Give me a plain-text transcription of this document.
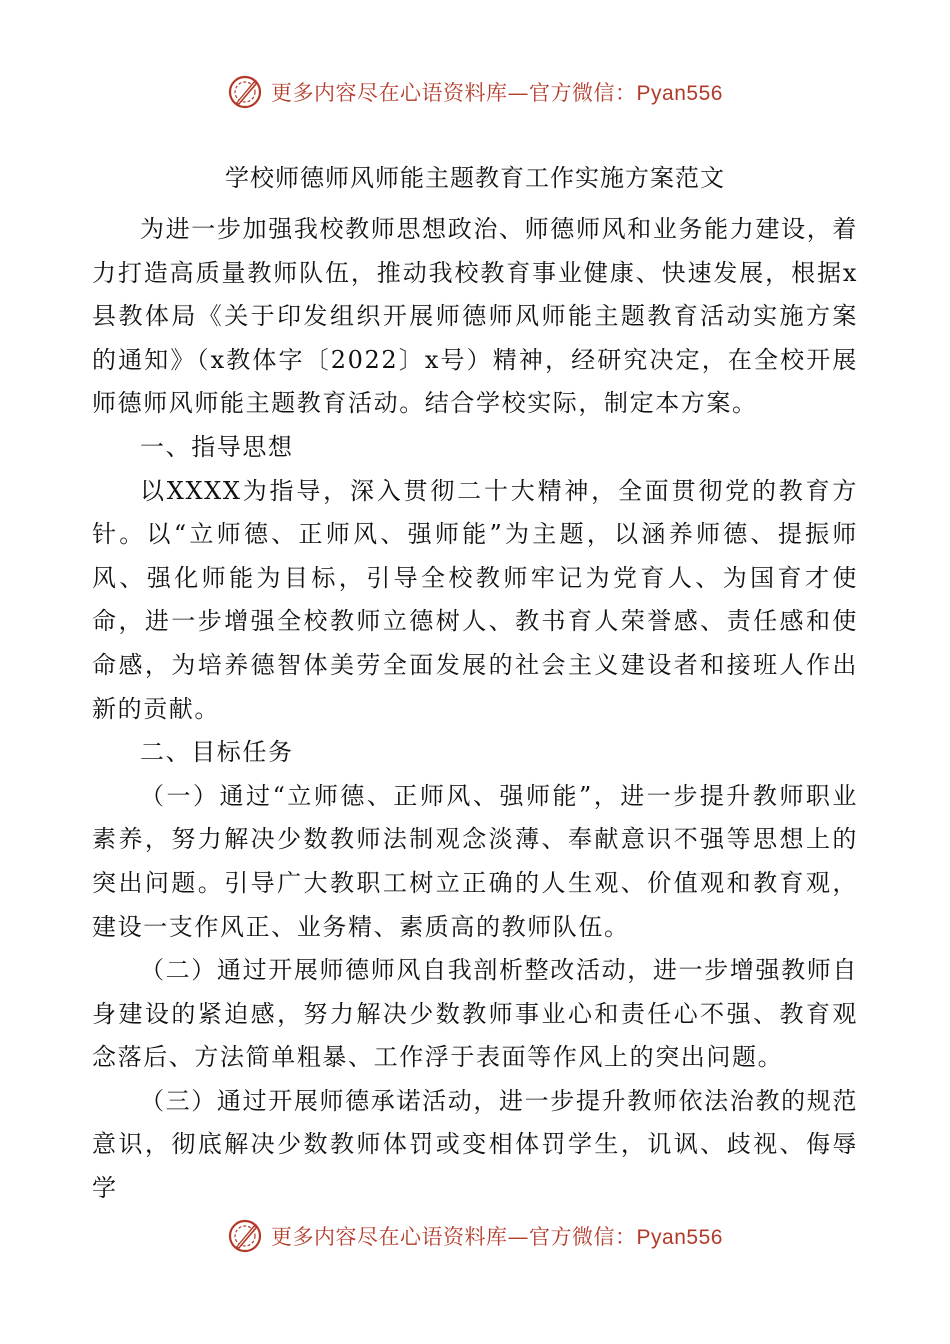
更多内容尽在心语资料库—官方微信：Pyan556
学校师德师风师能主题教育工作实施方案范文

为进一步加强我校教师思想政治、师德师风和业务能力建设，着力打造高质量教师队伍，推动我校教育事业健康、快速发展，根据x县教体局《关于印发组织开展师德师风师能主题教育活动实施方案的通知》（x教体字〔2022〕x号）精神，经研究决定，在全校开展师德师风师能主题教育活动。结合学校实际，制定本方案。

一、指导思想

以XXXX为指导，深入贯彻二十大精神，全面贯彻党的教育方针。以“立师德、正师风、强师能”为主题，以涵养师德、提振师风、强化师能为目标，引导全校教师牢记为党育人、为国育才使命，进一步增强全校教师立德树人、教书育人荣誉感、责任感和使命感，为培养德智体美劳全面发展的社会主义建设者和接班人作出新的贡献。

二、目标任务

（一）通过“立师德、正师风、强师能”，进一步提升教师职业素养，努力解决少数教师法制观念淡薄、奉献意识不强等思想上的突出问题。引导广大教职工树立正确的人生观、价值观和教育观，建设一支作风正、业务精、素质高的教师队伍。

（二）通过开展师德师风自我剖析整改活动，进一步增强教师自身建设的紧迫感，努力解决少数教师事业心和责任心不强、教育观念落后、方法简单粗暴、工作浮于表面等作风上的突出问题。

（三）通过开展师德承诺活动，进一步提升教师依法治教的规范意识，彻底解决少数教师体罚或变相体罚学生，讥讽、歧视、侮辱学

更多内容尽在心语资料库—官方微信：Pyan556
